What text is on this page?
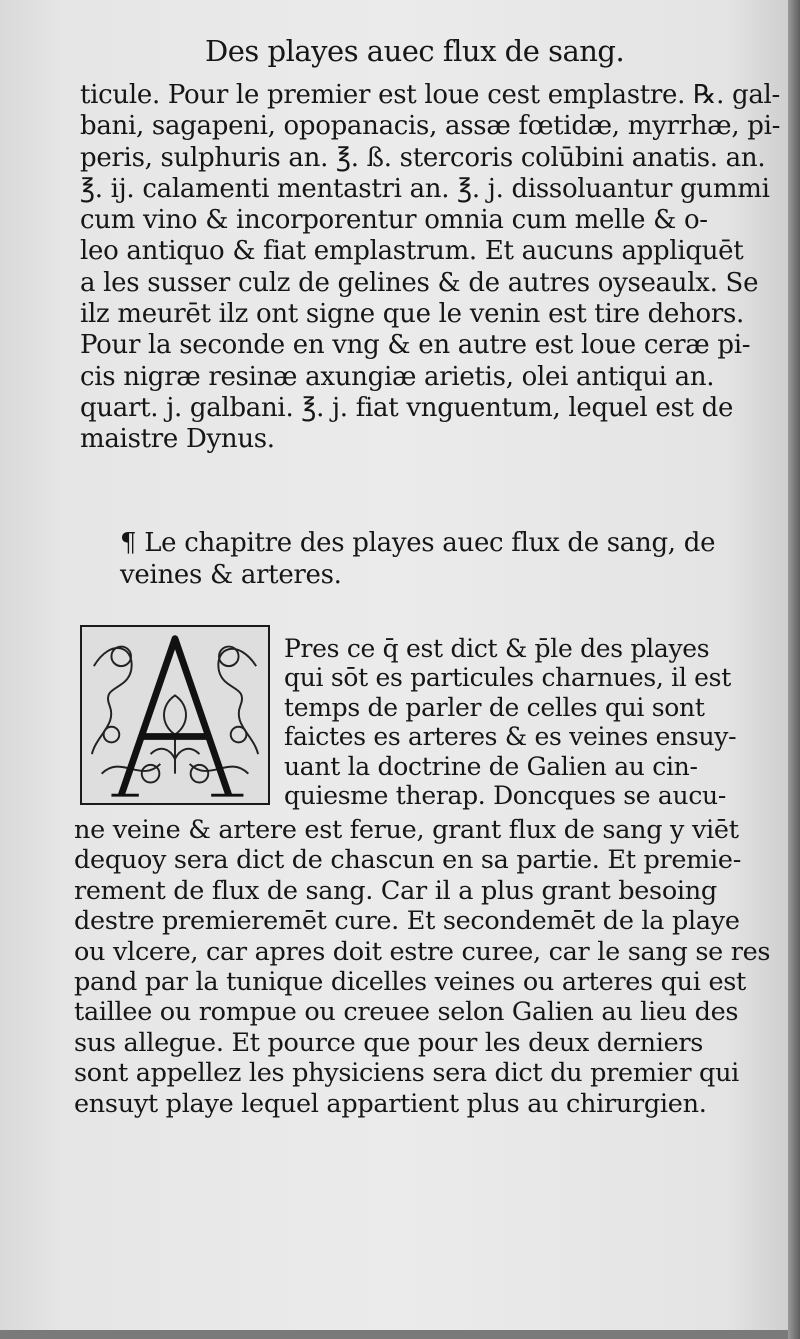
Des playes auec flux de sang.
ticule. Pour le premier est loue cest emplastre. ℞. gal-
bani, sagapeni, opopanacis, assæ fœtidæ, myrrhæ, pi-
peris, sulphuris an. ℥. ß. stercoris colūbini anatis. an.
℥. ij. calamenti mentastri an. ℥. j. dissoluantur gummi
cum vino & incorporentur omnia cum melle & o-
leo antiquo & fiat emplastrum. Et aucuns appliquēt
a les susser culz de gelines & de autres oyseaulx. Se
ilz meurēt ilz ont signe que le venin est tire dehors.
Pour la seconde en vng & en autre est loue ceræ pi-
cis nigræ resinæ axungiæ arietis, olei antiqui an.
quart. j. galbani. ℥. j. fiat vnguentum, lequel est de
maistre Dynus.
¶ Le chapitre des playes auec flux de sang, de
veines & arteres.
Pres ce q̄ est dict & p̄le des playes
qui sōt es particules charnues, il est
temps de parler de celles qui sont
faictes es arteres & es veines ensuy-
uant la doctrine de Galien au cin-
quiesme therap. Doncques se aucu-
ne veine & artere est ferue, grant flux de sang y viēt
dequoy sera dict de chascun en sa partie. Et premie-
rement de flux de sang. Car il a plus grant besoing
destre premieremēt cure. Et secondemēt de la playe
ou vlcere, car apres doit estre curee, car le sang se res
pand par la tunique dicelles veines ou arteres qui est
taillee ou rompue ou creuee selon Galien au lieu des
sus allegue. Et pource que pour les deux derniers
sont appellez les physiciens sera dict du premier qui
ensuyt playe lequel appartient plus au chirurgien.
